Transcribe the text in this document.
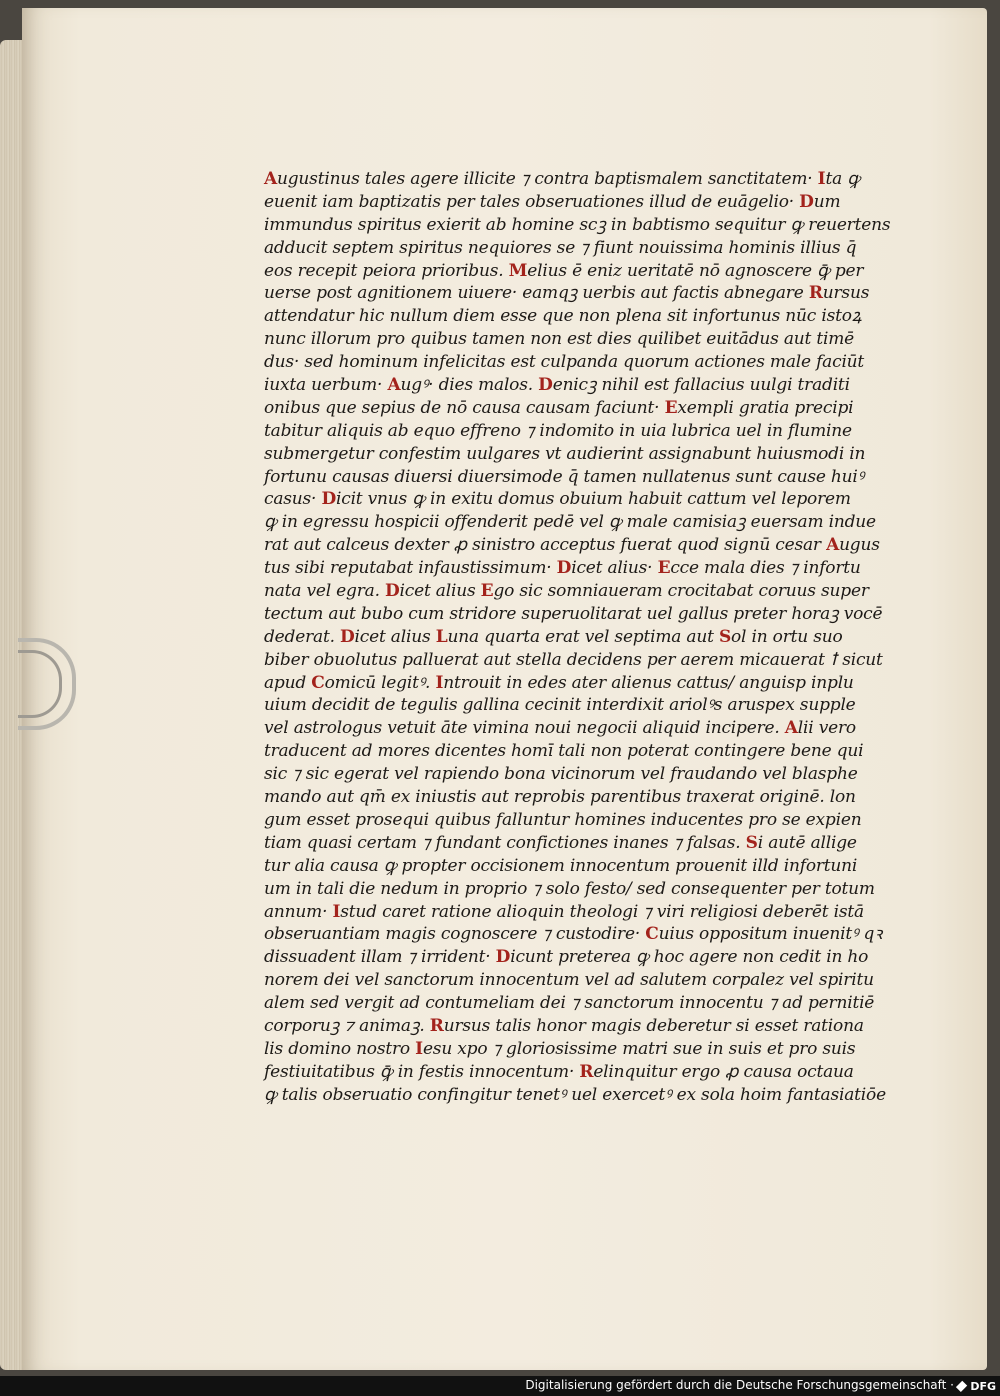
Augustinus tales agere illicite ⁊ contra baptismalem sanctitatem· Ita ꝙ
euenit iam baptizatis per tales obseruationes illud de euāgelio· Dum
immundus spiritus exierit ab homine scꝫ in babtismo sequitur ꝙ reuertens
adducit septem spiritus nequiores se ⁊ fiunt nouissima hominis illius q̄
eos recepit peiora prioribus. Melius ē eniz ueritatē nō agnoscere ꝙ̄ per
uerse post agnitionem uiuere· eamqꝫ uerbis aut factis abnegare Rursus
attendatur hic nullum diem esse que non plena sit infortunus nūc istoꝝ
nunc illorum pro quibus tamen non est dies quilibet euitādus aut timē
dus· sed hominum infelicitas est culpanda quorum actiones male faciūt
iuxta uerbum· Augꝰ· dies malos. Denicꝫ nihil est fallacius uulgi traditi
onibus que sepius de nō causa causam faciunt· Exempli gratia precipi
tabitur aliquis ab equo effreno ⁊ indomito in uia lubrica uel in flumine
submergetur confestim uulgares vt audierint assignabunt huiusmodi in
fortunu causas diuersi diuersimode q̄ tamen nullatenus sunt cause huiꝰ
casus· Dicit vnus ꝙ in exitu domus obuium habuit cattum vel leporem
ꝙ in egressu hospicii offenderit pedē vel ꝙ male camisiaꝫ euersam indue
rat aut calceus dexter ꝓ sinistro acceptus fuerat quod signū cesar Augus
tus sibi reputabat infaustissimum· Dicet alius· Ecce mala dies ⁊ infortu
nata vel egra. Dicet alius Ego sic somniaueram crocitabat coruus super
tectum aut bubo cum stridore superuolitarat uel gallus preter horaꝫ vocē
dederat. Dicet alius Luna quarta erat vel septima aut Sol in ortu suo
biber obuolutus palluerat aut stella decidens per aerem micauerat ꝉ sicut
apud Comicū legitꝰ. Introuit in edes ater alienus cattus/ anguisp inplu
uium decidit de tegulis gallina cecinit interdixit ariolꝰs aruspex supple
vel astrologus vetuit āte vimina noui negocii aliquid incipere. Alii vero
traducent ad mores dicentes homī tali non poterat contingere bene qui
sic ⁊ sic egerat vel rapiendo bona vicinorum vel fraudando vel blasphe
mando aut qm̄ ex iniustis aut reprobis parentibus traxerat originē. lon
gum esset prosequi quibus falluntur homines inducentes pro se expien
tiam quasi certam ⁊ fundant confictiones inanes ⁊ falsas. Si autē allige
tur alia causa ꝙ propter occisionem innocentum prouenit illd infortuni
um in tali die nedum in proprio ⁊ solo festo/ sed consequenter per totum
annum· Istud caret ratione alioquin theologi ⁊ viri religiosi deberēt istā
obseruantiam magis cognoscere ⁊ custodire· Cuius oppositum inuenitꝰ qꝛ
dissuadent illam ⁊ irrident· Dicunt preterea ꝙ hoc agere non cedit in ho
norem dei vel sanctorum innocentum vel ad salutem corpalez vel spiritu
alem sed vergit ad contumeliam dei ⁊ sanctorum innocentu ⁊ ad pernitiē
corporuꝫ ⁊ animaꝫ. Rursus talis honor magis deberetur si esset rationa
lis domino nostro Iesu xpo ⁊ gloriosissime matri sue in suis et pro suis
festiuitatibus ꝙ̄ in festis innocentum· Relinquitur ergo ꝓ causa octaua
ꝙ talis obseruatio confingitur tenetꝰ uel exercetꝰ ex sola hoim fantasiatiōe
Digitalisierung gefördert durch die Deutsche Forschungsgemeinschaft · DFG
